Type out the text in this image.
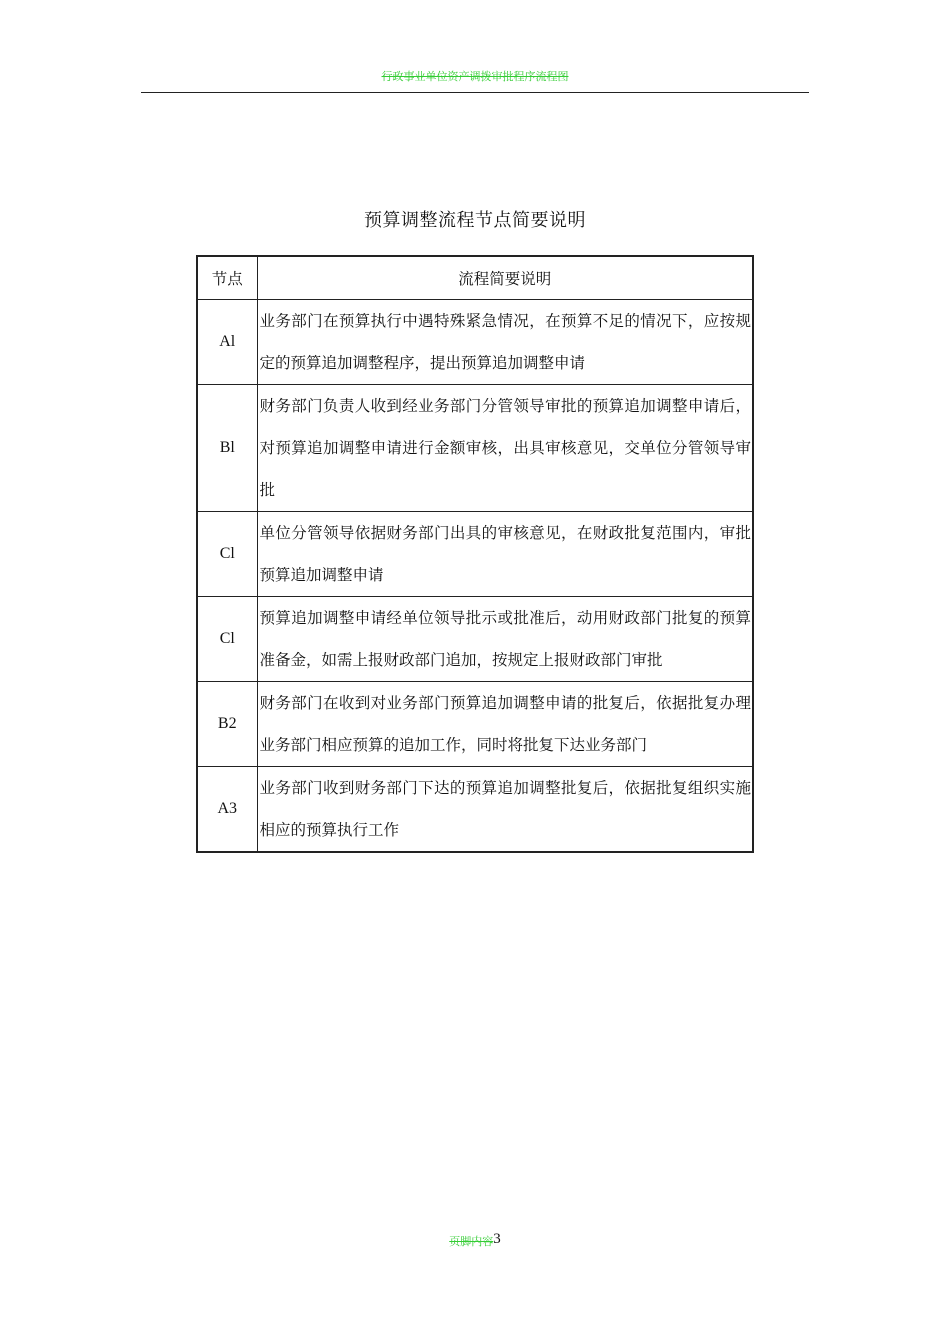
行政事业单位资产调拨审批程序流程图
预算调整流程节点简要说明
节点	流程简要说明
Al	业务部门在预算执行中遇特殊紧急情况，在预算不足的情况下，应按规定的预算追加调整程序，提出预算追加调整申请
Bl	财务部门负责人收到经业务部门分管领导审批的预算追加调整申请后，对预算追加调整申请进行金额审核，出具审核意见，交单位分管领导审批
Cl	单位分管领导依据财务部门出具的审核意见，在财政批复范围内，审批预算追加调整申请
Cl	预算追加调整申请经单位领导批示或批准后，动用财政部门批复的预算准备金，如需上报财政部门追加，按规定上报财政部门审批
B2	财务部门在收到对业务部门预算追加调整申请的批复后，依据批复办理业务部门相应预算的追加工作，同时将批复下达业务部门
A3	业务部门收到财务部门下达的预算追加调整批复后，依据批复组织实施相应的预算执行工作
页脚内容3
